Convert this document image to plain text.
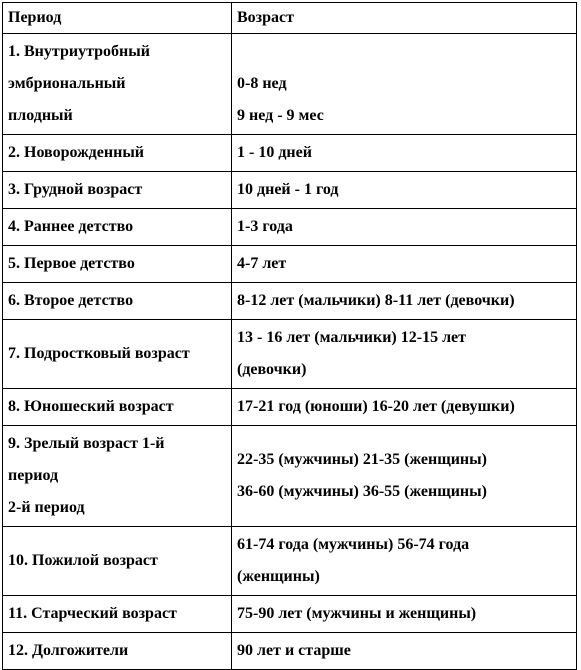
Период	Возраст

1. Внутриутробный
эмбриональный
плодный	0-8 нед
9 нед - 9 мес

2. Новорожденный	1 - 10 дней

3. Грудной возраст	10 дней - 1 год

4. Раннее детство	1-3 года

5. Первое детство	4-7 лет

6. Второе детство	8-12 лет (мальчики) 8-11 лет (девочки)

7. Подростковый возраст	13 - 16 лет (мальчики) 12-15 лет
(девочки)

8. Юношеский возраст	17-21 год (юноши) 16-20 лет (девушки)

9. Зрелый возраст 1-й
период
2-й период	22-35 (мужчины) 21-35 (женщины)
36-60 (мужчины) 36-55 (женщины)

10. Пожилой возраст	61-74 года (мужчины) 56-74 года
(женщины)

11. Старческий возраст	75-90 лет (мужчины и женщины)

12. Долгожители	90 лет и старше
